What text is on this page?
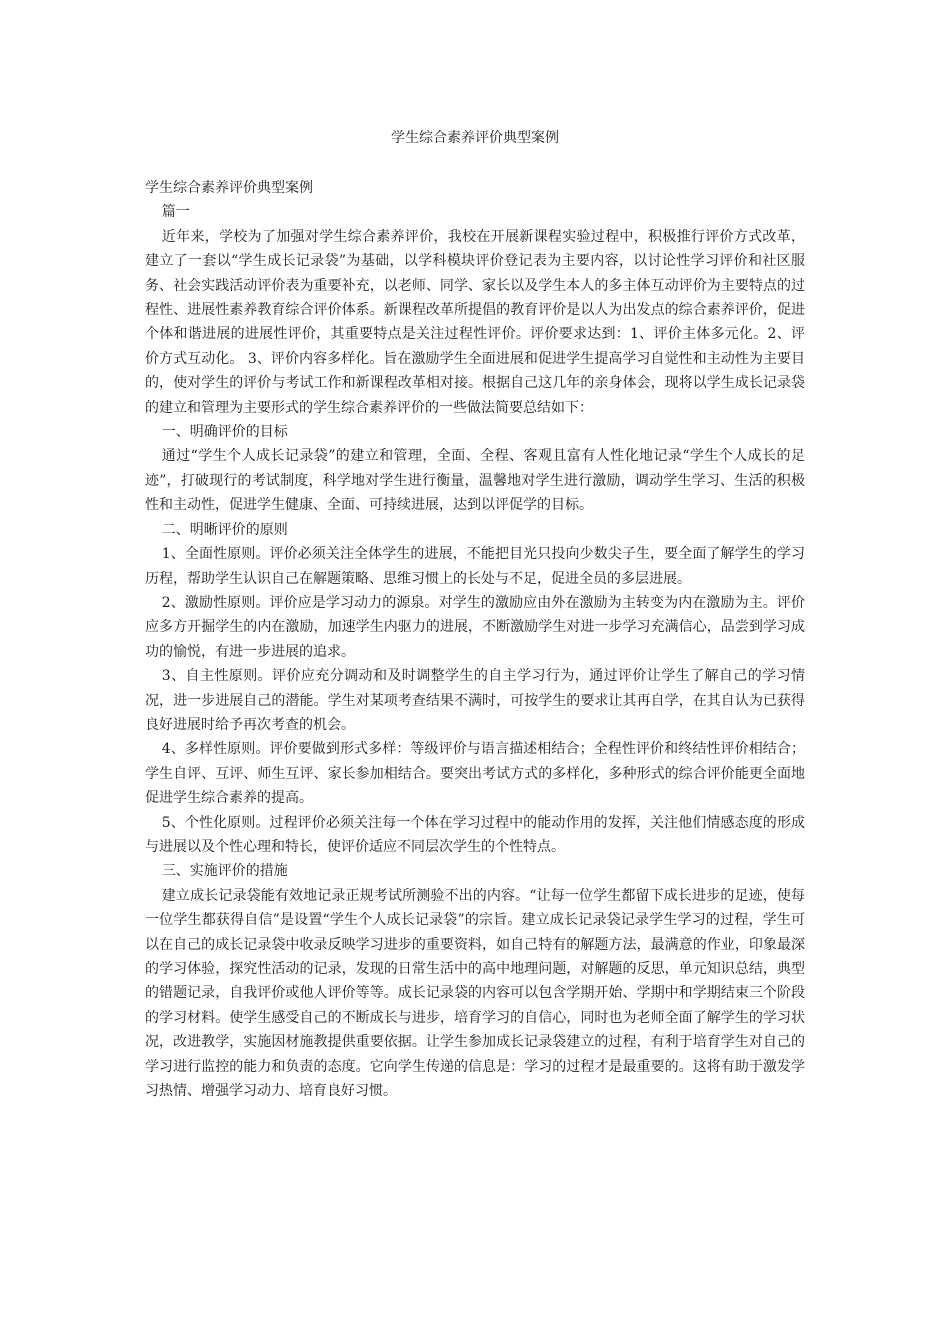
学生综合素养评价典型案例

学生综合素养评价典型案例

篇一

近年来，学校为了加强对学生综合素养评价，我校在开展新课程实验过程中，积极推行评价方式改革，建立了一套以“学生成长记录袋”为基础，以学科模块评价登记表为主要内容，以讨论性学习评价和社区服务、社会实践活动评价表为重要补充，以老师、同学、家长以及学生本人的多主体互动评价为主要特点的过程性、进展性素养教育综合评价体系。新课程改革所提倡的教育评价是以人为出发点的综合素养评价，促进个体和谐进展的进展性评价，其重要特点是关注过程性评价。评价要求达到：1、评价主体多元化。2、评价方式互动化。 3、评价内容多样化。旨在激励学生全面进展和促进学生提高学习自觉性和主动性为主要目的，使对学生的评价与考试工作和新课程改革相对接。根据自己这几年的亲身体会，现将以学生成长记录袋的建立和管理为主要形式的学生综合素养评价的一些做法简要总结如下：

一、明确评价的目标

通过“学生个人成长记录袋”的建立和管理，全面、全程、客观且富有人性化地记录“学生个人成长的足迹”，打破现行的考试制度，科学地对学生进行衡量，温馨地对学生进行激励，调动学生学习、生活的积极性和主动性，促进学生健康、全面、可持续进展，达到以评促学的目标。

二、明晰评价的原则

1、全面性原则。评价必须关注全体学生的进展，不能把目光只投向少数尖子生，要全面了解学生的学习历程，帮助学生认识自己在解题策略、思维习惯上的长处与不足，促进全员的多层进展。

2、激励性原则。评价应是学习动力的源泉。对学生的激励应由外在激励为主转变为内在激励为主。评价应多方开掘学生的内在激励，加速学生内驱力的进展，不断激励学生对进一步学习充满信心，品尝到学习成功的愉悦，有进一步进展的追求。

3、自主性原则。评价应充分调动和及时调整学生的自主学习行为，通过评价让学生了解自己的学习情况，进一步进展自己的潜能。学生对某项考查结果不满时，可按学生的要求让其再自学，在其自认为已获得良好进展时给予再次考查的机会。

4、多样性原则。评价要做到形式多样：等级评价与语言描述相结合；全程性评价和终结性评价相结合；学生自评、互评、师生互评、家长参加相结合。要突出考试方式的多样化，多种形式的综合评价能更全面地促进学生综合素养的提高。

5、个性化原则。过程评价必须关注每一个体在学习过程中的能动作用的发挥，关注他们情感态度的形成与进展以及个性心理和特长，使评价适应不同层次学生的个性特点。

三、实施评价的措施

建立成长记录袋能有效地记录正规考试所测验不出的内容。“让每一位学生都留下成长进步的足迹，使每一位学生都获得自信”是设置“学生个人成长记录袋”的宗旨。建立成长记录袋记录学生学习的过程，学生可以在自己的成长记录袋中收录反映学习进步的重要资料，如自己特有的解题方法，最满意的作业，印象最深的学习体验，探究性活动的记录，发现的日常生活中的高中地理问题，对解题的反思，单元知识总结，典型的错题记录，自我评价或他人评价等等。成长记录袋的内容可以包含学期开始、学期中和学期结束三个阶段的学习材料。使学生感受自己的不断成长与进步，培育学习的自信心，同时也为老师全面了解学生的学习状况，改进教学，实施因材施教提供重要依据。让学生参加成长记录袋建立的过程，有利于培育学生对自己的学习进行监控的能力和负责的态度。它向学生传递的信息是：学习的过程才是最重要的。这将有助于激发学习热情、增强学习动力、培育良好习惯。
